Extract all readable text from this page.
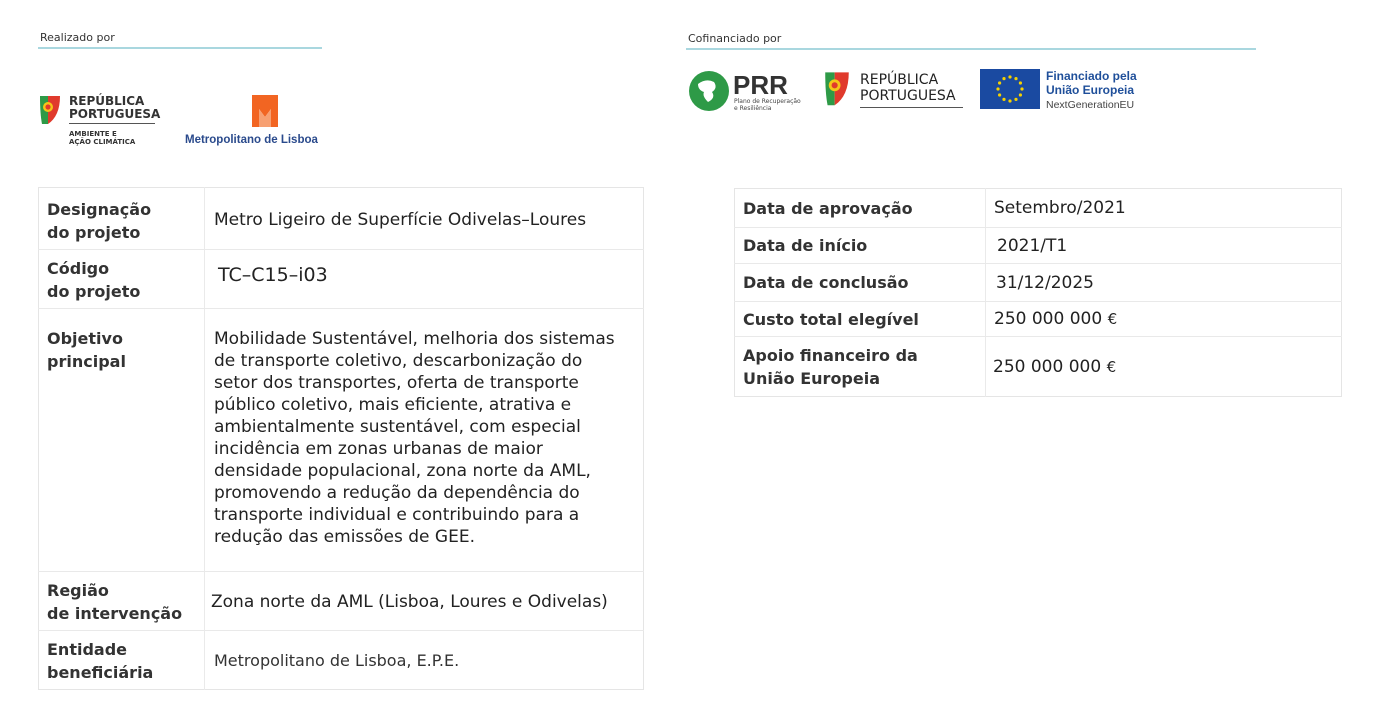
Realizado por
REPÚBLICA
PORTUGUESA
AMBIENTE E
AÇÃO CLIMÁTICA	Metropolitano de Lisboa
Cofinanciado por
PRR
Plano de Recuperação
e Resiliência
REPÚBLICA
PORTUGUESA
Financiado pela
União Europeia
NextGenerationEU
Designação
do projeto	Metro Ligeiro de Superfície Odivelas–Loures

Código
do projeto	TC–C15–i03

Objetivo principal	Mobilidade Sustentável, melhoria dos sistemas de transporte coletivo, descarbonização do setor dos transportes, oferta de transporte público coletivo, mais eficiente, atrativa e ambientalmente sustentável, com especial incidência em zonas urbanas de maior densidade populacional, zona norte da AML, promovendo a redução da dependência do transporte individual e contribuindo para a redução das emissões de GEE.

Região
de intervenção	Zona norte da AML (Lisboa, Loures e Odivelas)

Entidade
beneficiária	Metropolitano de Lisboa, E.P.E.
Data de aprovação	Setembro/2021
Data de início	2021/T1
Data de conclusão	31/12/2025
Custo total elegível	250 000 000 €
Apoio financeiro da União Europeia	250 000 000 €
